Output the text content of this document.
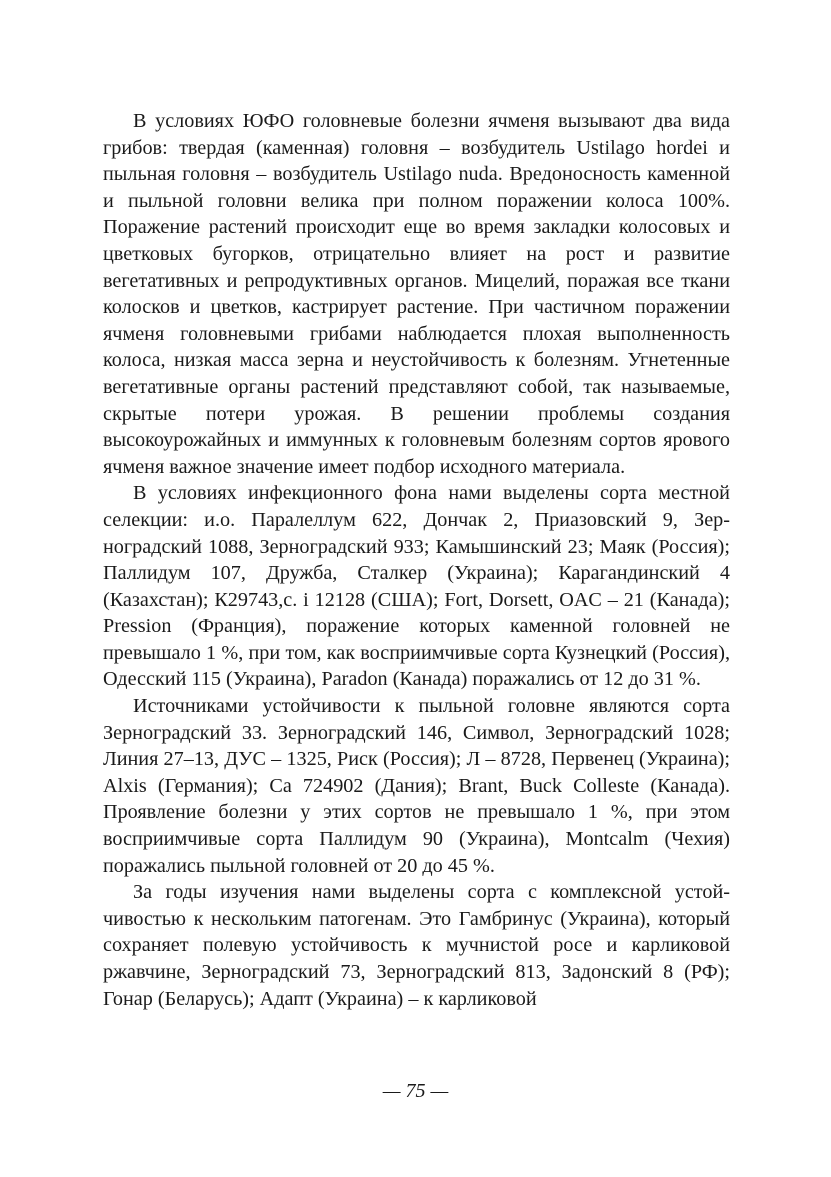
В условиях ЮФО головневые болезни ячменя вызывают два вида грибов: твердая (каменная) головня – возбудитель Ustilago hordei и пыльная головня – возбудитель Ustilago nuda. Вредоносность каменной и пыльной головни велика при полном поражении колоса 100%. Поражение растений происходит еще во время закладки колосовых и цветковых бугорков, отрицательно влияет на рост и развитие вегетативных и репродуктивных органов. Мицелий, поражая все ткани колосков и цветков, кастрирует растение. При частичном поражении ячменя головневыми грибами наблюдается плохая выполненность колоса, низкая масса зерна и неустойчивость к болезням. Угнетенные вегетативные органы растений представляют собой, так называемые, скрытые потери урожая. В решении проблемы создания высокоурожайных и иммунных к головневым болезням сортов ярового ячменя важное значение имеет подбор исходного материала.

В условиях инфекционного фона нами выделены сорта местной селекции: и.о. Паралеллум 622, Дончак 2, Приазовский 9, Зерноградский 1088, Зерноградский 933; Камышинский 23; Маяк (Россия); Паллидум 107, Дружба, Сталкер (Украина); Карагандинский 4 (Казахстан); К29743,с. i 12128 (США); Fort, Dorsett, OAC – 21 (Канада); Pression (Франция), поражение которых каменной головней не превышало 1 %, при том, как восприимчивые сорта Кузнецкий (Россия), Одесский 115 (Украина), Paradon (Канада) поражались от 12 до 31 %.

Источниками устойчивости к пыльной головне являются сорта Зерноградский 33. Зерноградский 146, Символ, Зерноградский 1028; Линия 27–13, ДУС – 1325, Риск (Россия); Л – 8728, Первенец (Украина); Alxis (Германия); Са 724902 (Дания); Brant, Buck Colleste (Канада). Проявление болезни у этих сортов не превышало 1 %, при этом восприимчивые сорта Паллидум 90 (Украина), Montcalm (Чехия) поражались пыльной головней от 20 до 45 %.

За годы изучения нами выделены сорта с комплексной устойчивостью к нескольким патогенам. Это Гамбринус (Украина), который сохраняет полевую устойчивость к мучнистой росе и карликовой ржавчине, Зерноградский 73, Зерноградский 813, Задонский 8 (РФ); Гонар (Беларусь); Адапт (Украина) – к карликовой

— 75 —
